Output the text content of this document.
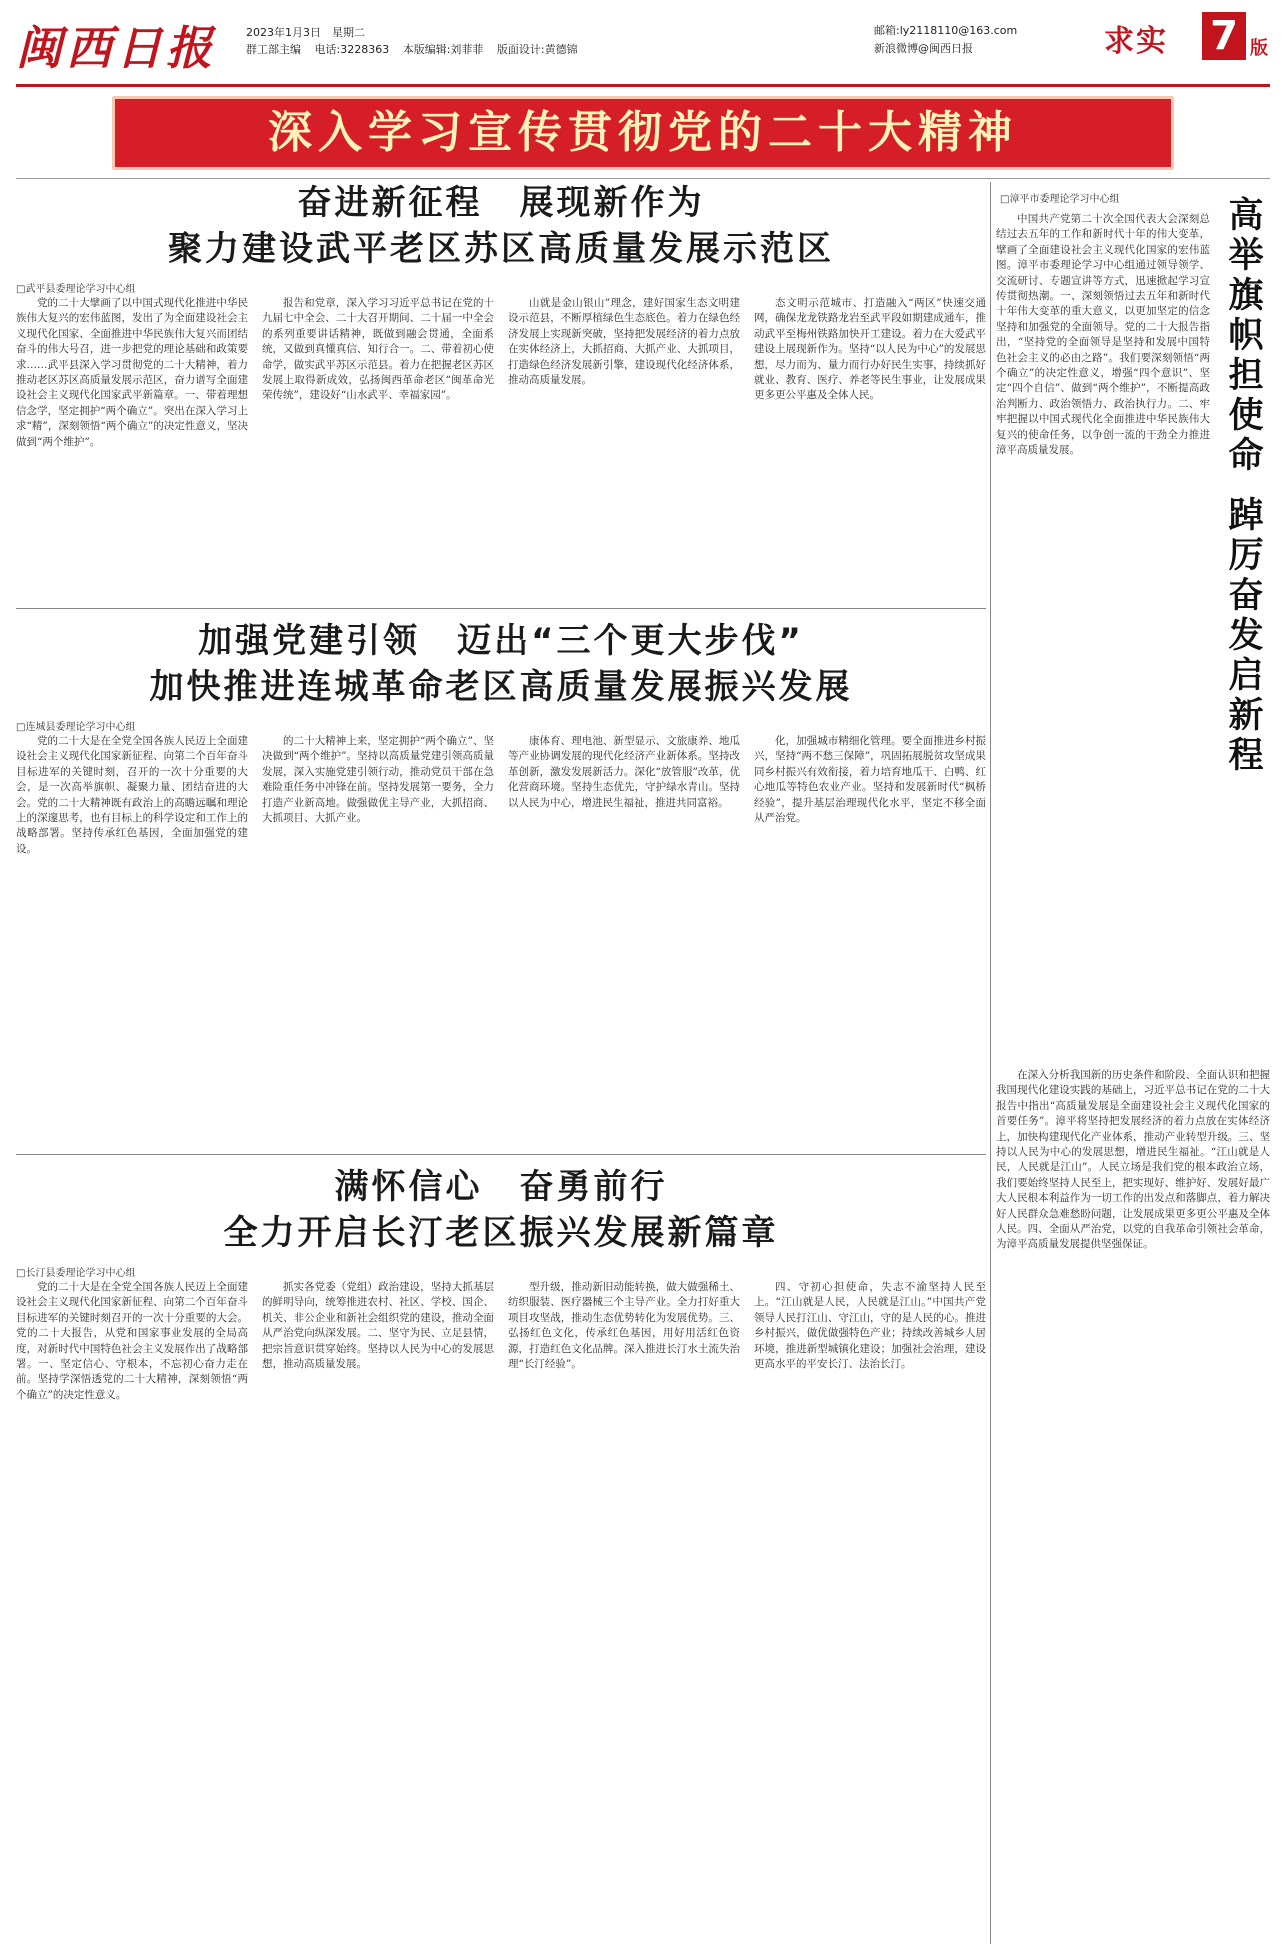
闽西日报	2023年1月3日　星期二
群工部主编 电话:3228363 本版编辑:刘菲菲 版面设计:黄德锦
邮箱:ly2118110@163.com
新浪微博@闽西日报	求实 7 版
深入学习宣传贯彻党的二十大精神
奋进新征程　展现新作为
聚力建设武平老区苏区高质量发展示范区
□ 武平县委理论学习中心组

党的二十大擘画了以中国式现代化推进中华民族伟大复兴的宏伟蓝图，发出了为全面建设社会主义现代化国家、全面推进中华民族伟大复兴而团结奋斗的伟大号召，进一步把党的理论基础和政策要求……武平县深入学习贯彻党的二十大精神，着力推动老区苏区高质量发展示范区，奋力谱写全面建设社会主义现代化国家武平新篇章。一、带着理想信念学，坚定拥护“两个确立”。突出在深入学习上求“精”，深刻领悟“两个确立”的决定性意义，坚决做到“两个维护”。

报告和党章，深入学习习近平总书记在党的十九届七中全会、二十大召开期间、二十届一中全会的系列重要讲话精神，既做到融会贯通，全面系统，又做到真懂真信、知行合一。二、带着初心使命学，做实武平苏区示范县。着力在把握老区苏区发展上取得新成效，弘扬闽西革命老区“闽革命光荣传统”，建设好“山水武平、幸福家园”。

山就是金山银山”理念，建好国家生态文明建设示范县，不断厚植绿色生态底色。着力在绿色经济发展上实现新突破，坚持把发展经济的着力点放在实体经济上，大抓招商、大抓产业、大抓项目，打造绿色经济发展新引擎，建设现代化经济体系，推动高质量发展。

态文明示范城市、打造融入“两区”快速交通网，确保龙龙铁路龙岩至武平段如期建成通车，推动武平至梅州铁路加快开工建设。着力在大爱武平建设上展现新作为。坚持“以人民为中心”的发展思想，尽力而为、量力而行办好民生实事，持续抓好就业、教育、医疗、养老等民生事业，让发展成果更多更公平惠及全体人民。

加强党建引领　迈出“三个更大步伐”
加快推进连城革命老区高质量发展振兴发展
□ 连城县委理论学习中心组

党的二十大是在全党全国各族人民迈上全面建设社会主义现代化国家新征程、向第二个百年奋斗目标进军的关键时刻，召开的一次十分重要的大会，是一次高举旗帜、凝聚力量、团结奋进的大会。党的二十大精神既有政治上的高瞻远瞩和理论上的深邃思考，也有目标上的科学设定和工作上的战略部署。坚持传承红色基因，全面加强党的建设。

的二十大精神上来，坚定拥护“两个确立”、坚决做到“两个维护”。坚持以高质量党建引领高质量发展，深入实施党建引领行动，推动党员干部在急难险重任务中冲锋在前。坚持发展第一要务，全力打造产业新高地。做强做优主导产业，大抓招商、大抓项目、大抓产业。

康体育、理电池、新型显示、文旅康养、地瓜等产业协调发展的现代化经济产业新体系。坚持改革创新，激发发展新活力。深化“放管服”改革，优化营商环境。坚持生态优先，守护绿水青山。坚持以人民为中心，增进民生福祉，推进共同富裕。

化，加强城市精细化管理。要全面推进乡村振兴，坚持“两不愁三保障”，巩固拓展脱贫攻坚成果同乡村振兴有效衔接，着力培育地瓜干、白鸭、红心地瓜等特色农业产业。坚持和发展新时代“枫桥经验”，提升基层治理现代化水平，坚定不移全面从严治党。

满怀信心　奋勇前行
全力开启长汀老区振兴发展新篇章
□ 长汀县委理论学习中心组

党的二十大是在全党全国各族人民迈上全面建设社会主义现代化国家新征程、向第二个百年奋斗目标进军的关键时刻召开的一次十分重要的大会。党的二十大报告，从党和国家事业发展的全局高度，对新时代中国特色社会主义发展作出了战略部署。一、坚定信心、守根本，不忘初心奋力走在前。坚持学深悟透党的二十大精神，深刻领悟“两个确立”的决定性意义。

抓实各党委（党组）政治建设，坚持大抓基层的鲜明导向，统筹推进农村、社区、学校、国企、机关、非公企业和新社会组织党的建设，推动全面从严治党向纵深发展。二、坚守为民、立足县情，把宗旨意识贯穿始终。坚持以人民为中心的发展思想，推动高质量发展。

型升级，推动新旧动能转换，做大做强稀土、纺织服装、医疗器械三个主导产业。全力打好重大项目攻坚战，推动生态优势转化为发展优势。三、弘扬红色文化，传承红色基因，用好用活红色资源，打造红色文化品牌。深入推进长汀水土流失治理“长汀经验”。

四、守初心担使命，失志不渝坚持人民至上。“江山就是人民，人民就是江山。”中国共产党领导人民打江山、守江山，守的是人民的心。推进乡村振兴，做优做强特色产业；持续改善城乡人居环境，推进新型城镇化建设；加强社会治理，建设更高水平的平安长汀、法治长汀。

□ 漳平市委理论学习中心组	高举旗帜担使命
踔厉奋发启新程

中国共产党第二十次全国代表大会深刻总结过去五年的工作和新时代十年的伟大变革，擘画了全面建设社会主义现代化国家的宏伟蓝图。漳平市委理论学习中心组通过领导领学、交流研讨、专题宣讲等方式，迅速掀起学习宣传贯彻热潮。一、深刻领悟过去五年和新时代十年伟大变革的重大意义，以更加坚定的信念坚持和加强党的全面领导。党的二十大报告指出，“坚持党的全面领导是坚持和发展中国特色社会主义的必由之路”。我们要深刻领悟“两个确立”的决定性意义，增强“四个意识”、坚定“四个自信”、做到“两个维护”，不断提高政治判断力、政治领悟力、政治执行力。二、牢牢把握以中国式现代化全面推进中华民族伟大复兴的使命任务，以争创一流的干劲全力推进漳平高质量发展。

在深入分析我国新的历史条件和阶段、全面认识和把握我国现代化建设实践的基础上，习近平总书记在党的二十大报告中指出“高质量发展是全面建设社会主义现代化国家的首要任务”。漳平将坚持把发展经济的着力点放在实体经济上，加快构建现代化产业体系，推动产业转型升级。三、坚持以人民为中心的发展思想，增进民生福祉。“江山就是人民，人民就是江山”。人民立场是我们党的根本政治立场，我们要始终坚持人民至上，把实现好、维护好、发展好最广大人民根本利益作为一切工作的出发点和落脚点，着力解决好人民群众急难愁盼问题，让发展成果更多更公平惠及全体人民。四、全面从严治党，以党的自我革命引领社会革命，为漳平高质量发展提供坚强保证。
